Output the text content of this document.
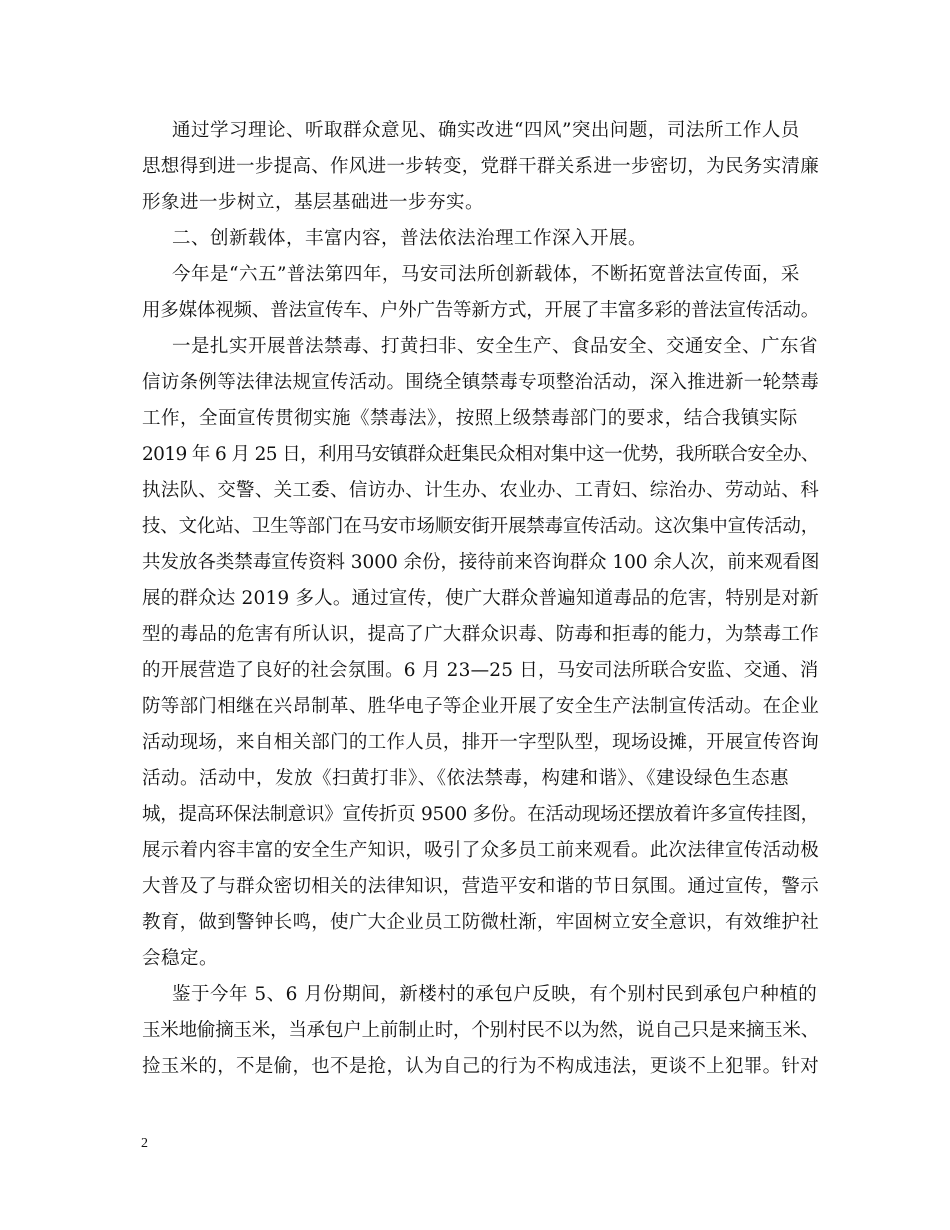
通过学习理论、听取群众意见、确实改进“四风”突出问题，司法所工作人员
思想得到进一步提高、作风进一步转变，党群干群关系进一步密切，为民务实清廉
形象进一步树立，基层基础进一步夯实。
二、创新载体，丰富内容，普法依法治理工作深入开展。
今年是“六五”普法第四年，马安司法所创新载体，不断拓宽普法宣传面，采
用多媒体视频、普法宣传车、户外广告等新方式，开展了丰富多彩的普法宣传活动。
一是扎实开展普法禁毒、打黄扫非、安全生产、食品安全、交通安全、广东省
信访条例等法律法规宣传活动。围绕全镇禁毒专项整治活动，深入推进新一轮禁毒
工作，全面宣传贯彻实施《禁毒法》，按照上级禁毒部门的要求，结合我镇实际
2019 年 6 月 25 日，利用马安镇群众赶集民众相对集中这一优势，我所联合安全办、
执法队、交警、关工委、信访办、计生办、农业办、工青妇、综治办、劳动站、科
技、文化站、卫生等部门在马安市场顺安街开展禁毒宣传活动。这次集中宣传活动，
共发放各类禁毒宣传资料 3000 余份，接待前来咨询群众 100 余人次，前来观看图
展的群众达 2019 多人。通过宣传，使广大群众普遍知道毒品的危害，特别是对新
型的毒品的危害有所认识，提高了广大群众识毒、防毒和拒毒的能力，为禁毒工作
的开展营造了良好的社会氛围。6 月 23—25 日，马安司法所联合安监、交通、消
防等部门相继在兴昂制革、胜华电子等企业开展了安全生产法制宣传活动。在企业
活动现场，来自相关部门的工作人员，排开一字型队型，现场设摊，开展宣传咨询
活动。活动中，发放《扫黄打非》、《依法禁毒，构建和谐》、《建设绿色生态惠
城，提高环保法制意识》宣传折页 9500 多份。在活动现场还摆放着许多宣传挂图，
展示着内容丰富的安全生产知识，吸引了众多员工前来观看。此次法律宣传活动极
大普及了与群众密切相关的法律知识，营造平安和谐的节日氛围。通过宣传，警示
教育，做到警钟长鸣，使广大企业员工防微杜渐，牢固树立安全意识，有效维护社
会稳定。
鉴于今年 5、6 月份期间，新楼村的承包户反映，有个别村民到承包户种植的
玉米地偷摘玉米，当承包户上前制止时，个别村民不以为然，说自己只是来摘玉米、
捡玉米的，不是偷，也不是抢，认为自己的行为不构成违法，更谈不上犯罪。针对
2
